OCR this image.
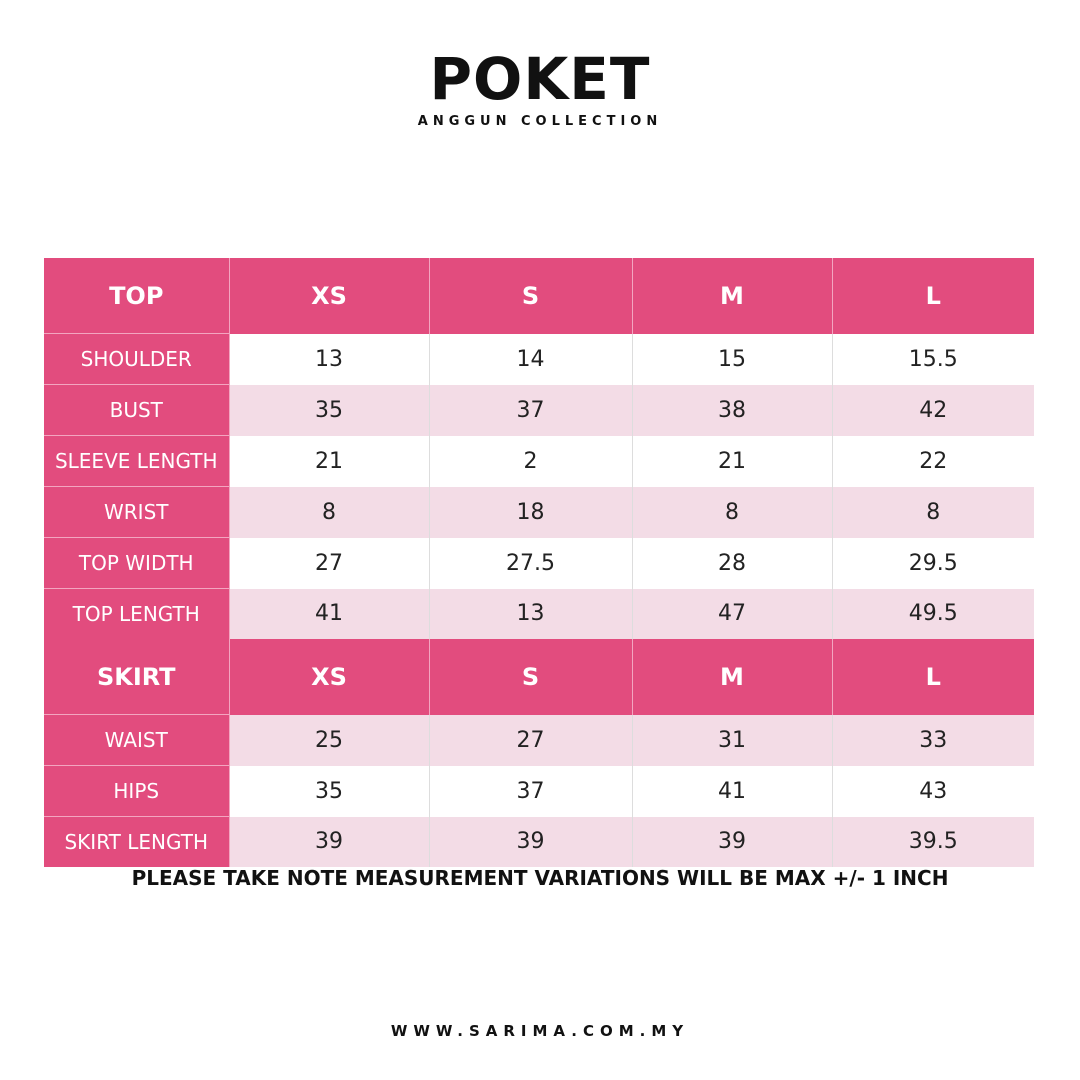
POKET
ANGGUN COLLECTION
TOP	XS	S	M	L
SHOULDER	13	14	15	15.5
BUST	35	37	38	42
SLEEVE LENGTH	21	2	21	22
WRIST	8	18	8	8
TOP WIDTH	27	27.5	28	29.5
TOP LENGTH	41	13	47	49.5
SKIRT	XS	S	M	L
WAIST	25	27	31	33
HIPS	35	37	41	43
SKIRT LENGTH	39	39	39	39.5
PLEASE TAKE NOTE MEASUREMENT VARIATIONS WILL BE MAX +/- 1 INCH
WWW.SARIMA.COM.MY
